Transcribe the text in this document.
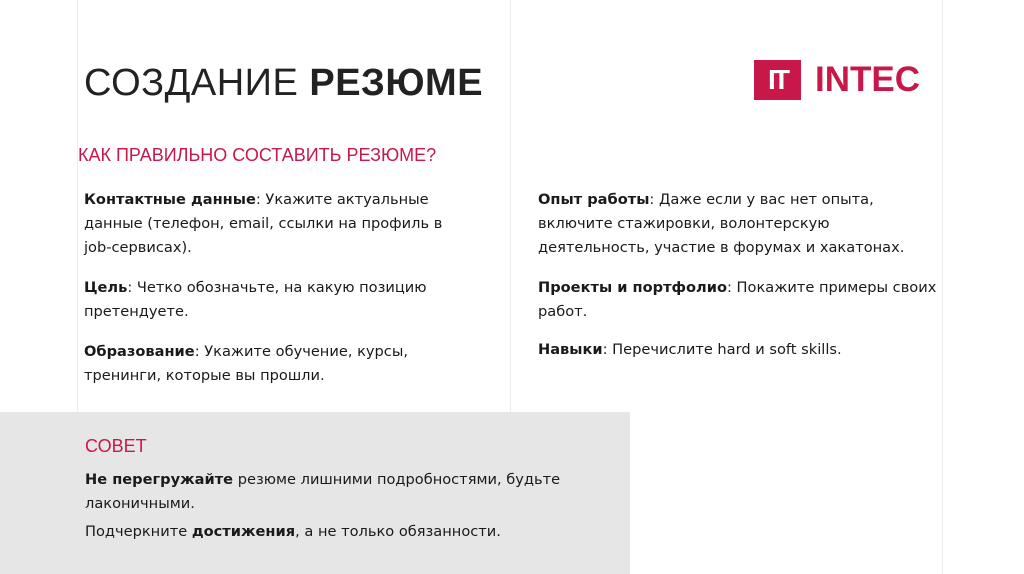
СОЗДАНИЕ РЕЗЮМЕ	IT INTEC
КАК ПРАВИЛЬНО СОСТАВИТЬ РЕЗЮМЕ?
Контактные данные: Укажите актуальные данные (телефон, email, ссылки на профиль в job-сервисах).
Цель: Четко обозначьте, на какую позицию претендуете.
Образование: Укажите обучение, курсы, тренинги, которые вы прошли.
Опыт работы: Даже если у вас нет опыта, включите стажировки, волонтерскую деятельность, участие в форумах и хакатонах.
Проекты и портфолио: Покажите примеры своих работ.
Навыки: Перечислите hard и soft skills.
СОВЕТ
Не перегружайте резюме лишними подробностями, будьте лаконичными.
Подчеркните достижения, а не только обязанности.
